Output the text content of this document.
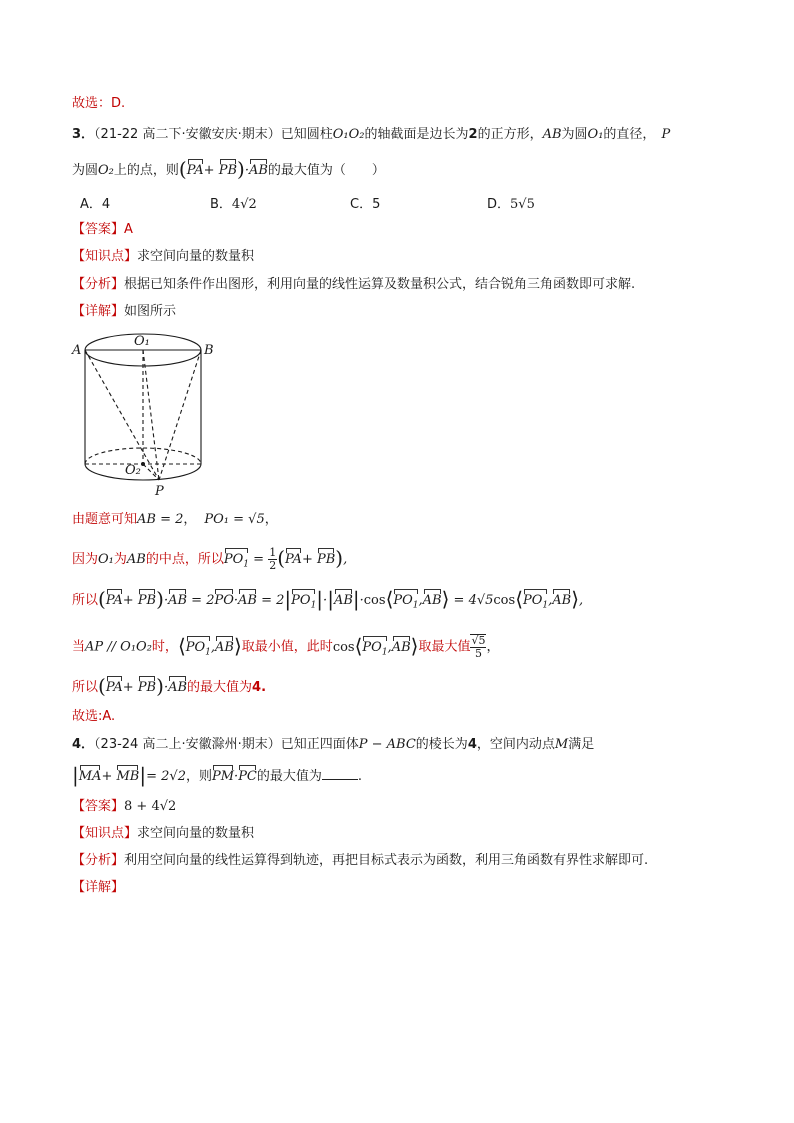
故选：D.
3．（21-22 高二下·安徽安庆·期末）已知圆柱O₁O₂的轴截面是边长为2的正方形，AB为圆O₁的直径， P
为圆O₂上的点，则(PA+ PB)·AB的最大值为（　　）
A．4	B．4√2	C．5	D．5√5
【答案】A
【知识点】求空间向量的数量积
【分析】根据已知条件作出图形，利用向量的线性运算及数量积公式，结合锐角三角函数即可求解.
【详解】如图所示
A	B
O₁
O₂
P
由题意可知AB = 2， PO₁ = √5，
因为O₁为AB的中点，所以$PO_1 = \frac{1}{2} (PA+ PB)$,
所以$(PA+ PB)\cdot AB = 2PO\cdot AB = 2|PO_1|\cdot|AB|\cdot\cos⟨PO_1,AB⟩$ = $4√5\cos⟨PO_1,AB⟩$,
当AP // O₁O₂时，$⟨PO_1,AB⟩$取最小值，此时$\cos⟨PO_1,AB⟩$取最大值 $\frac{√5}{5}$ ，
所以(PA+ PB)·AB的最大值为4.
故选:A.
4．（23-24 高二上·安徽滁州·期末）已知正四面体P − ABC的棱长为4，空间内动点M满足
|MA+ MB|= 2√2，则PM·PC的最大值为	.
【答案】8 + 4√2
【知识点】求空间向量的数量积
【分析】利用空间向量的线性运算得到轨迹，再把目标式表示为函数，利用三角函数有界性求解即可.
【详解】
